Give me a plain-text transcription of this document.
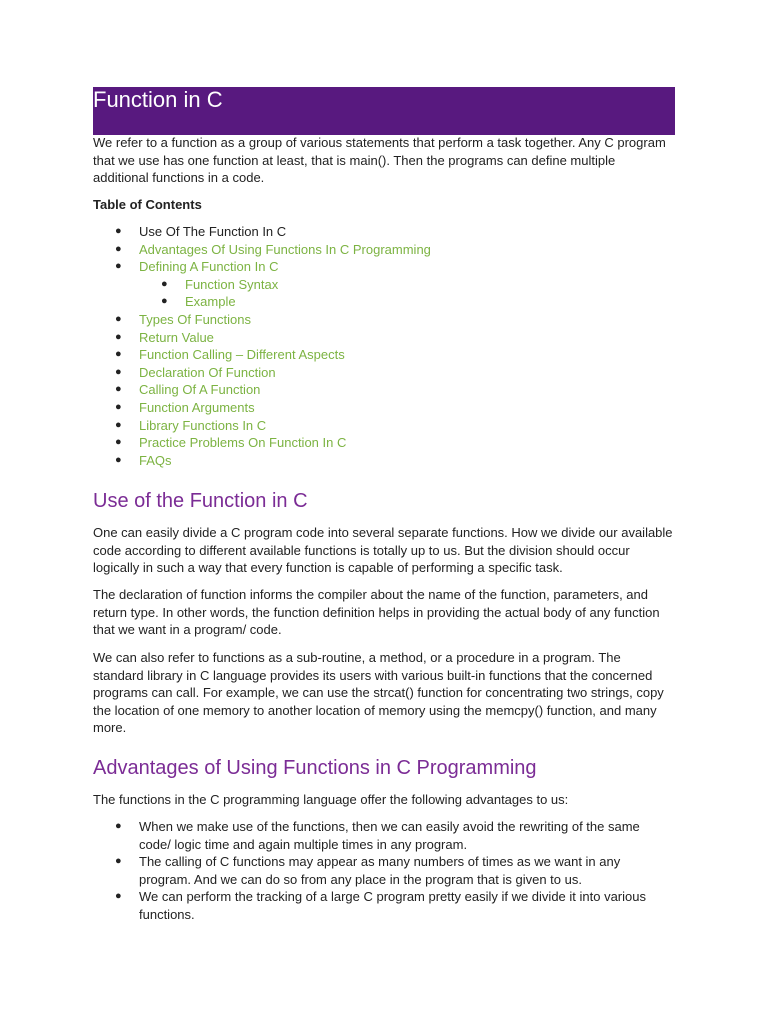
Function in C
We refer to a function as a group of various statements that perform a task together. Any C program that we use has one function at least, that is main(). Then the programs can define multiple additional functions in a code.
Table of Contents
● Use Of The Function In C
● Advantages Of Using Functions In C Programming
● Defining A Function In C
● Function Syntax
● Example
● Types Of Functions
● Return Value
● Function Calling – Different Aspects
● Declaration Of Function
● Calling Of A Function
● Function Arguments
● Library Functions In C
● Practice Problems On Function In C
● FAQs
Use of the Function in C
One can easily divide a C program code into several separate functions. How we divide our available code according to different available functions is totally up to us. But the division should occur logically in such a way that every function is capable of performing a specific task.
The declaration of function informs the compiler about the name of the function, parameters, and return type. In other words, the function definition helps in providing the actual body of any function that we want in a program/ code.
We can also refer to functions as a sub-routine, a method, or a procedure in a program. The standard library in C language provides its users with various built-in functions that the concerned programs can call. For example, we can use the strcat() function for concentrating two strings, copy the location of one memory to another location of memory using the memcpy() function, and many more.
Advantages of Using Functions in C Programming
The functions in the C programming language offer the following advantages to us:
● When we make use of the functions, then we can easily avoid the rewriting of the same code/ logic time and again multiple times in any program.
● The calling of C functions may appear as many numbers of times as we want in any program. And we can do so from any place in the program that is given to us.
● We can perform the tracking of a large C program pretty easily if we divide it into various functions.
